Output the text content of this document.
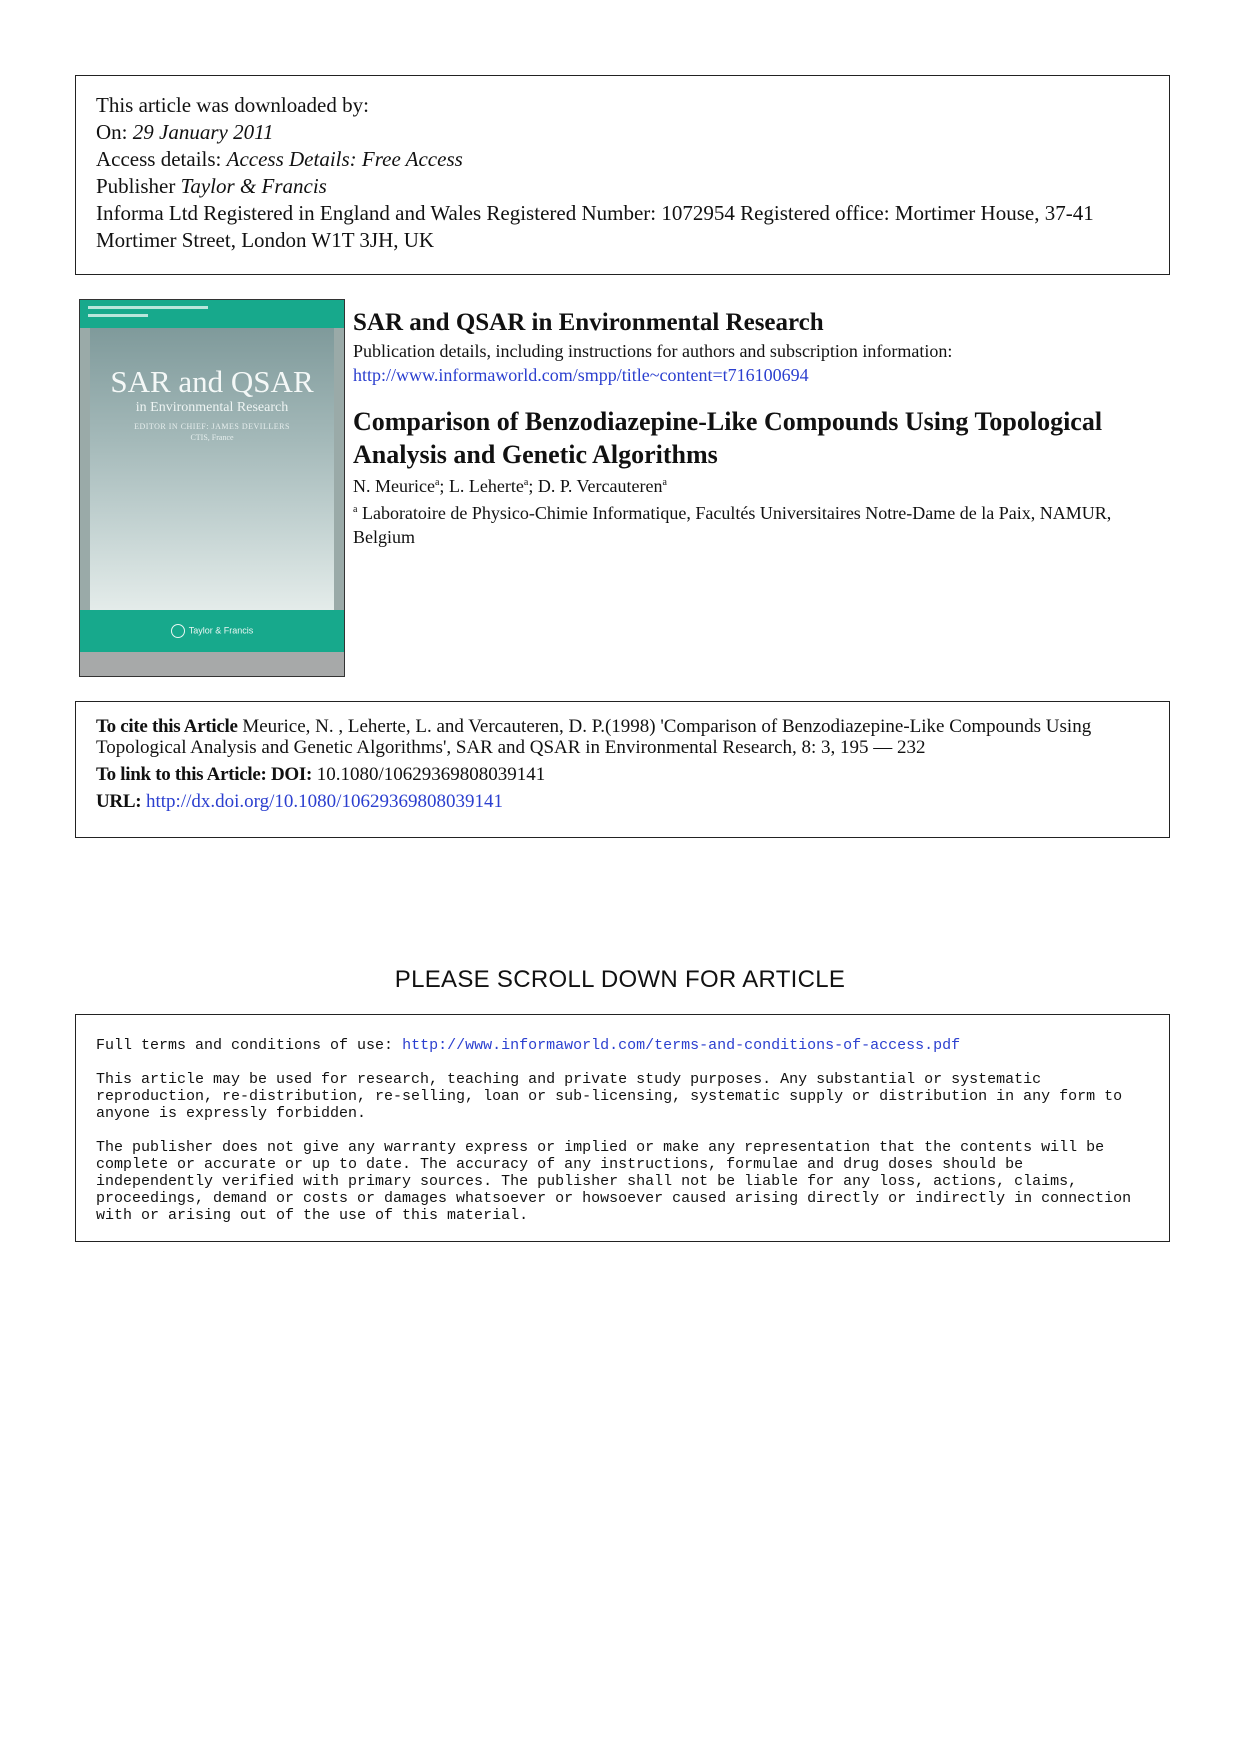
This article was downloaded by:
On: 29 January 2011
Access details: Access Details: Free Access
Publisher Taylor & Francis
Informa Ltd Registered in England and Wales Registered Number: 1072954 Registered office: Mortimer House, 37-41 Mortimer Street, London W1T 3JH, UK
SAR and QSAR
in Environmental Research
EDITOR IN CHIEF: JAMES DEVILLERS
CTIS, France
Taylor & Francis
SAR and QSAR in Environmental Research
Publication details, including instructions for authors and subscription information:
http://www.informaworld.com/smpp/title~content=t716100694
Comparison of Benzodiazepine-Like Compounds Using Topological Analysis and Genetic Algorithms
N. Meurice$^a$; L. Leherte$^a$; D. P. Vercauteren$^a$
$^a$ Laboratoire de Physico-Chimie Informatique, Facultés Universitaires Notre-Dame de la Paix, NAMUR, Belgium
To cite this Article Meurice, N. , Leherte, L. and Vercauteren, D. P.(1998) 'Comparison of Benzodiazepine-Like Compounds Using Topological Analysis and Genetic Algorithms', SAR and QSAR in Environmental Research, 8: 3, 195 — 232
To link to this Article: DOI: 10.1080/10629369808039141
URL: http://dx.doi.org/10.1080/10629369808039141
PLEASE SCROLL DOWN FOR ARTICLE

Full terms and conditions of use: http://www.informaworld.com/terms-and-conditions-of-access.pdf

This article may be used for research, teaching and private study purposes. Any substantial or systematic reproduction, re-distribution, re-selling, loan or sub-licensing, systematic supply or distribution in any form to anyone is expressly forbidden.

The publisher does not give any warranty express or implied or make any representation that the contents will be complete or accurate or up to date. The accuracy of any instructions, formulae and drug doses should be independently verified with primary sources. The publisher shall not be liable for any loss, actions, claims, proceedings, demand or costs or damages whatsoever or howsoever caused arising directly or indirectly in connection with or arising out of the use of this material.
